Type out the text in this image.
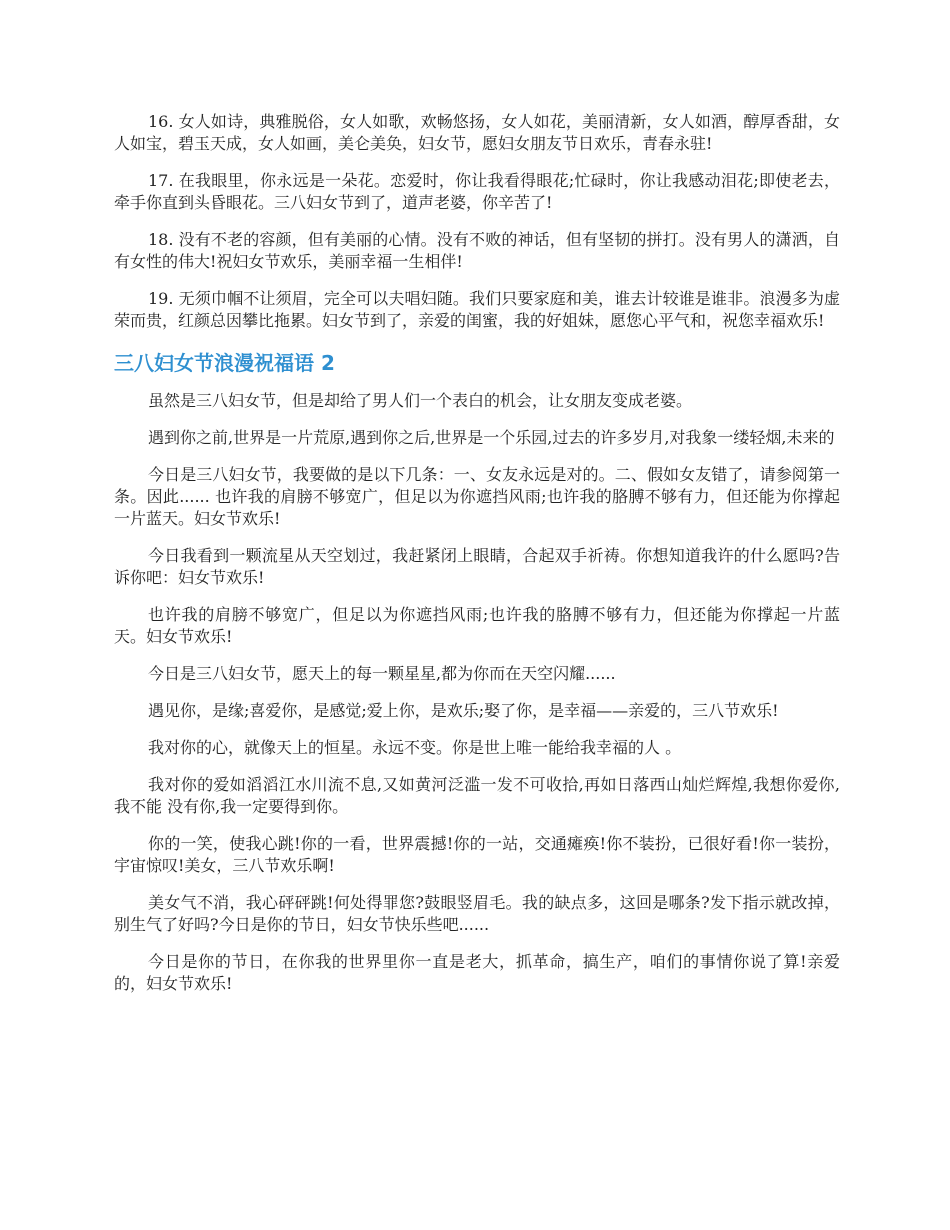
16. 女人如诗，典雅脱俗，女人如歌，欢畅悠扬，女人如花，美丽清新，女人如酒，醇厚香甜，女人如宝，碧玉天成，女人如画，美仑美奂，妇女节，愿妇女朋友节日欢乐，青春永驻!

17. 在我眼里，你永远是一朵花。恋爱时，你让我看得眼花;忙碌时，你让我感动泪花;即使老去，牵手你直到头昏眼花。三八妇女节到了，道声老婆，你辛苦了!

18. 没有不老的容颜，但有美丽的心情。没有不败的神话，但有坚韧的拼打。没有男人的潇洒，自有女性的伟大!祝妇女节欢乐，美丽幸福一生相伴!

19. 无须巾帼不让须眉，完全可以夫唱妇随。我们只要家庭和美，谁去计较谁是谁非。浪漫多为虚荣而贵，红颜总因攀比拖累。妇女节到了，亲爱的闺蜜，我的好姐妹，愿您心平气和，祝您幸福欢乐!

三八妇女节浪漫祝福语 2

虽然是三八妇女节，但是却给了男人们一个表白的机会，让女朋友变成老婆。

遇到你之前,世界是一片荒原,遇到你之后,世界是一个乐园,过去的许多岁月,对我象一缕轻烟,未来的

今日是三八妇女节，我要做的是以下几条：一、女友永远是对的。二、假如女友错了，请参阅第一条。因此...... 也许我的肩膀不够宽广，但足以为你遮挡风雨;也许我的胳膊不够有力，但还能为你撑起一片蓝天。妇女节欢乐!

今日我看到一颗流星从天空划过，我赶紧闭上眼睛，合起双手祈祷。你想知道我许的什么愿吗?告诉你吧：妇女节欢乐!

也许我的肩膀不够宽广，但足以为你遮挡风雨;也许我的胳膊不够有力，但还能为你撑起一片蓝天。妇女节欢乐!

今日是三八妇女节，愿天上的每一颗星星,都为你而在天空闪耀......

遇见你，是缘;喜爱你，是感觉;爱上你，是欢乐;娶了你，是幸福——亲爱的，三八节欢乐!

我对你的心，就像天上的恒星。永远不变。你是世上唯一能给我幸福的人 。

我对你的爱如滔滔江水川流不息,又如黄河泛滥一发不可收拾,再如日落西山灿烂辉煌,我想你爱你,我不能 没有你,我一定要得到你。

你的一笑，使我心跳!你的一看，世界震撼!你的一站，交通瘫痪!你不装扮，已很好看!你一装扮，宇宙惊叹!美女，三八节欢乐啊!

美女气不消，我心砰砰跳!何处得罪您?鼓眼竖眉毛。我的缺点多，这回是哪条?发下指示就改掉，别生气了好吗?今日是你的节日，妇女节快乐些吧......

今日是你的节日，在你我的世界里你一直是老大，抓革命，搞生产，咱们的事情你说了算!亲爱的，妇女节欢乐!
